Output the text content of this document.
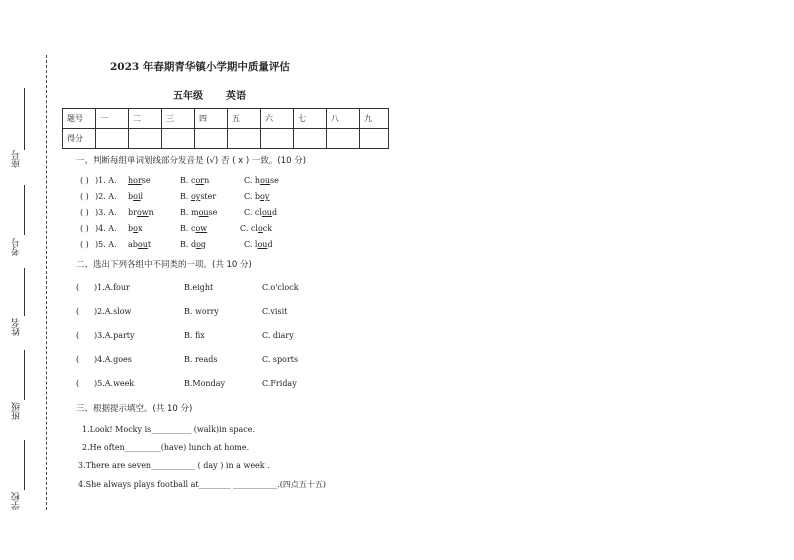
座号
考号
姓名
班级
学校
2023 年春期青华镇小学期中质量评估
五年级 英语
题号	一	二	三	四	五	六	七	八	九
得分									
一、判断每组单词划线部分发音是 (√) 否 ( x ) 一致。(10 分)
( ) )1. A. horse	B. corn	C. house
( ) )2. A. boil	B. oyster	C. boy
( ) )3. A. brown	B. mouse	C. cloud
( ) )4. A. box	B. cow	C. clock
( ) )5. A. about	B. dog	C. loud
二、选出下列各组中不同类的一项。(共 10 分)
( )1.A.four	B.eight	C.o'clock
( )2.A.slow	B. worry	C.visit
( )3.A.party	B. fix	C. diary
( )4.A.goes	B. reads	C. sports
( )5.A.week	B.Monday	C.Friday
三、根据提示填空。(共 10 分)
1.Look! Mocky is__________ (walk)in space.
2.He often_________(have) lunch at home.
3.There are seven___________ ( day ) in a week .
4.She always plays football at________ ___________.(四点五十五)
